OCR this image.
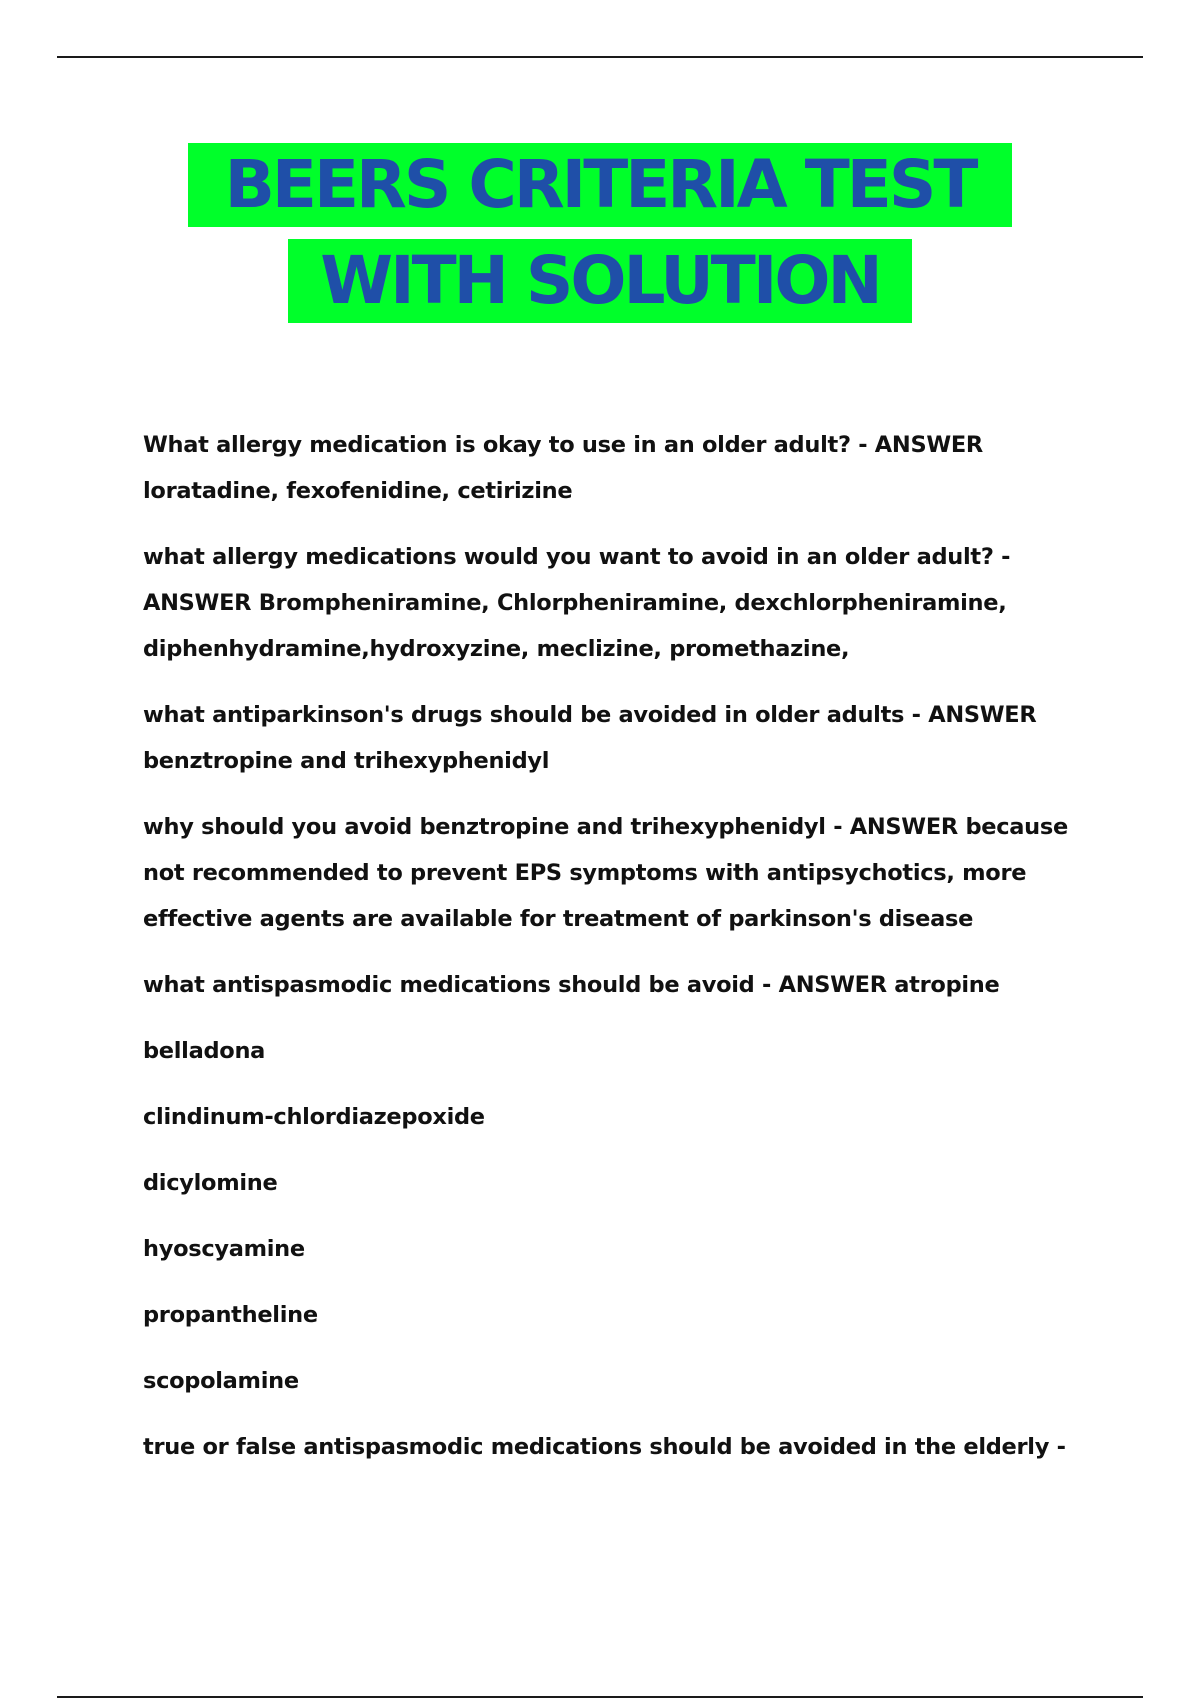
BEERS CRITERIA TEST
WITH SOLUTION

What allergy medication is okay to use in an older adult? - ANSWER loratadine, fexofenidine, cetirizine

what allergy medications would you want to avoid in an older adult? - ANSWER Brompheniramine, Chlorpheniramine, dexchlorpheniramine, diphenhydramine,hydroxyzine, meclizine, promethazine,

what antiparkinson's drugs should be avoided in older adults - ANSWER benztropine and trihexyphenidyl

why should you avoid benztropine and trihexyphenidyl - ANSWER because not recommended to prevent EPS symptoms with antipsychotics, more effective agents are available for treatment of parkinson's disease

what antispasmodic medications should be avoid - ANSWER atropine

belladona

clindinum-chlordiazepoxide

dicylomine

hyoscyamine

propantheline

scopolamine

true or false antispasmodic medications should be avoided in the elderly -
